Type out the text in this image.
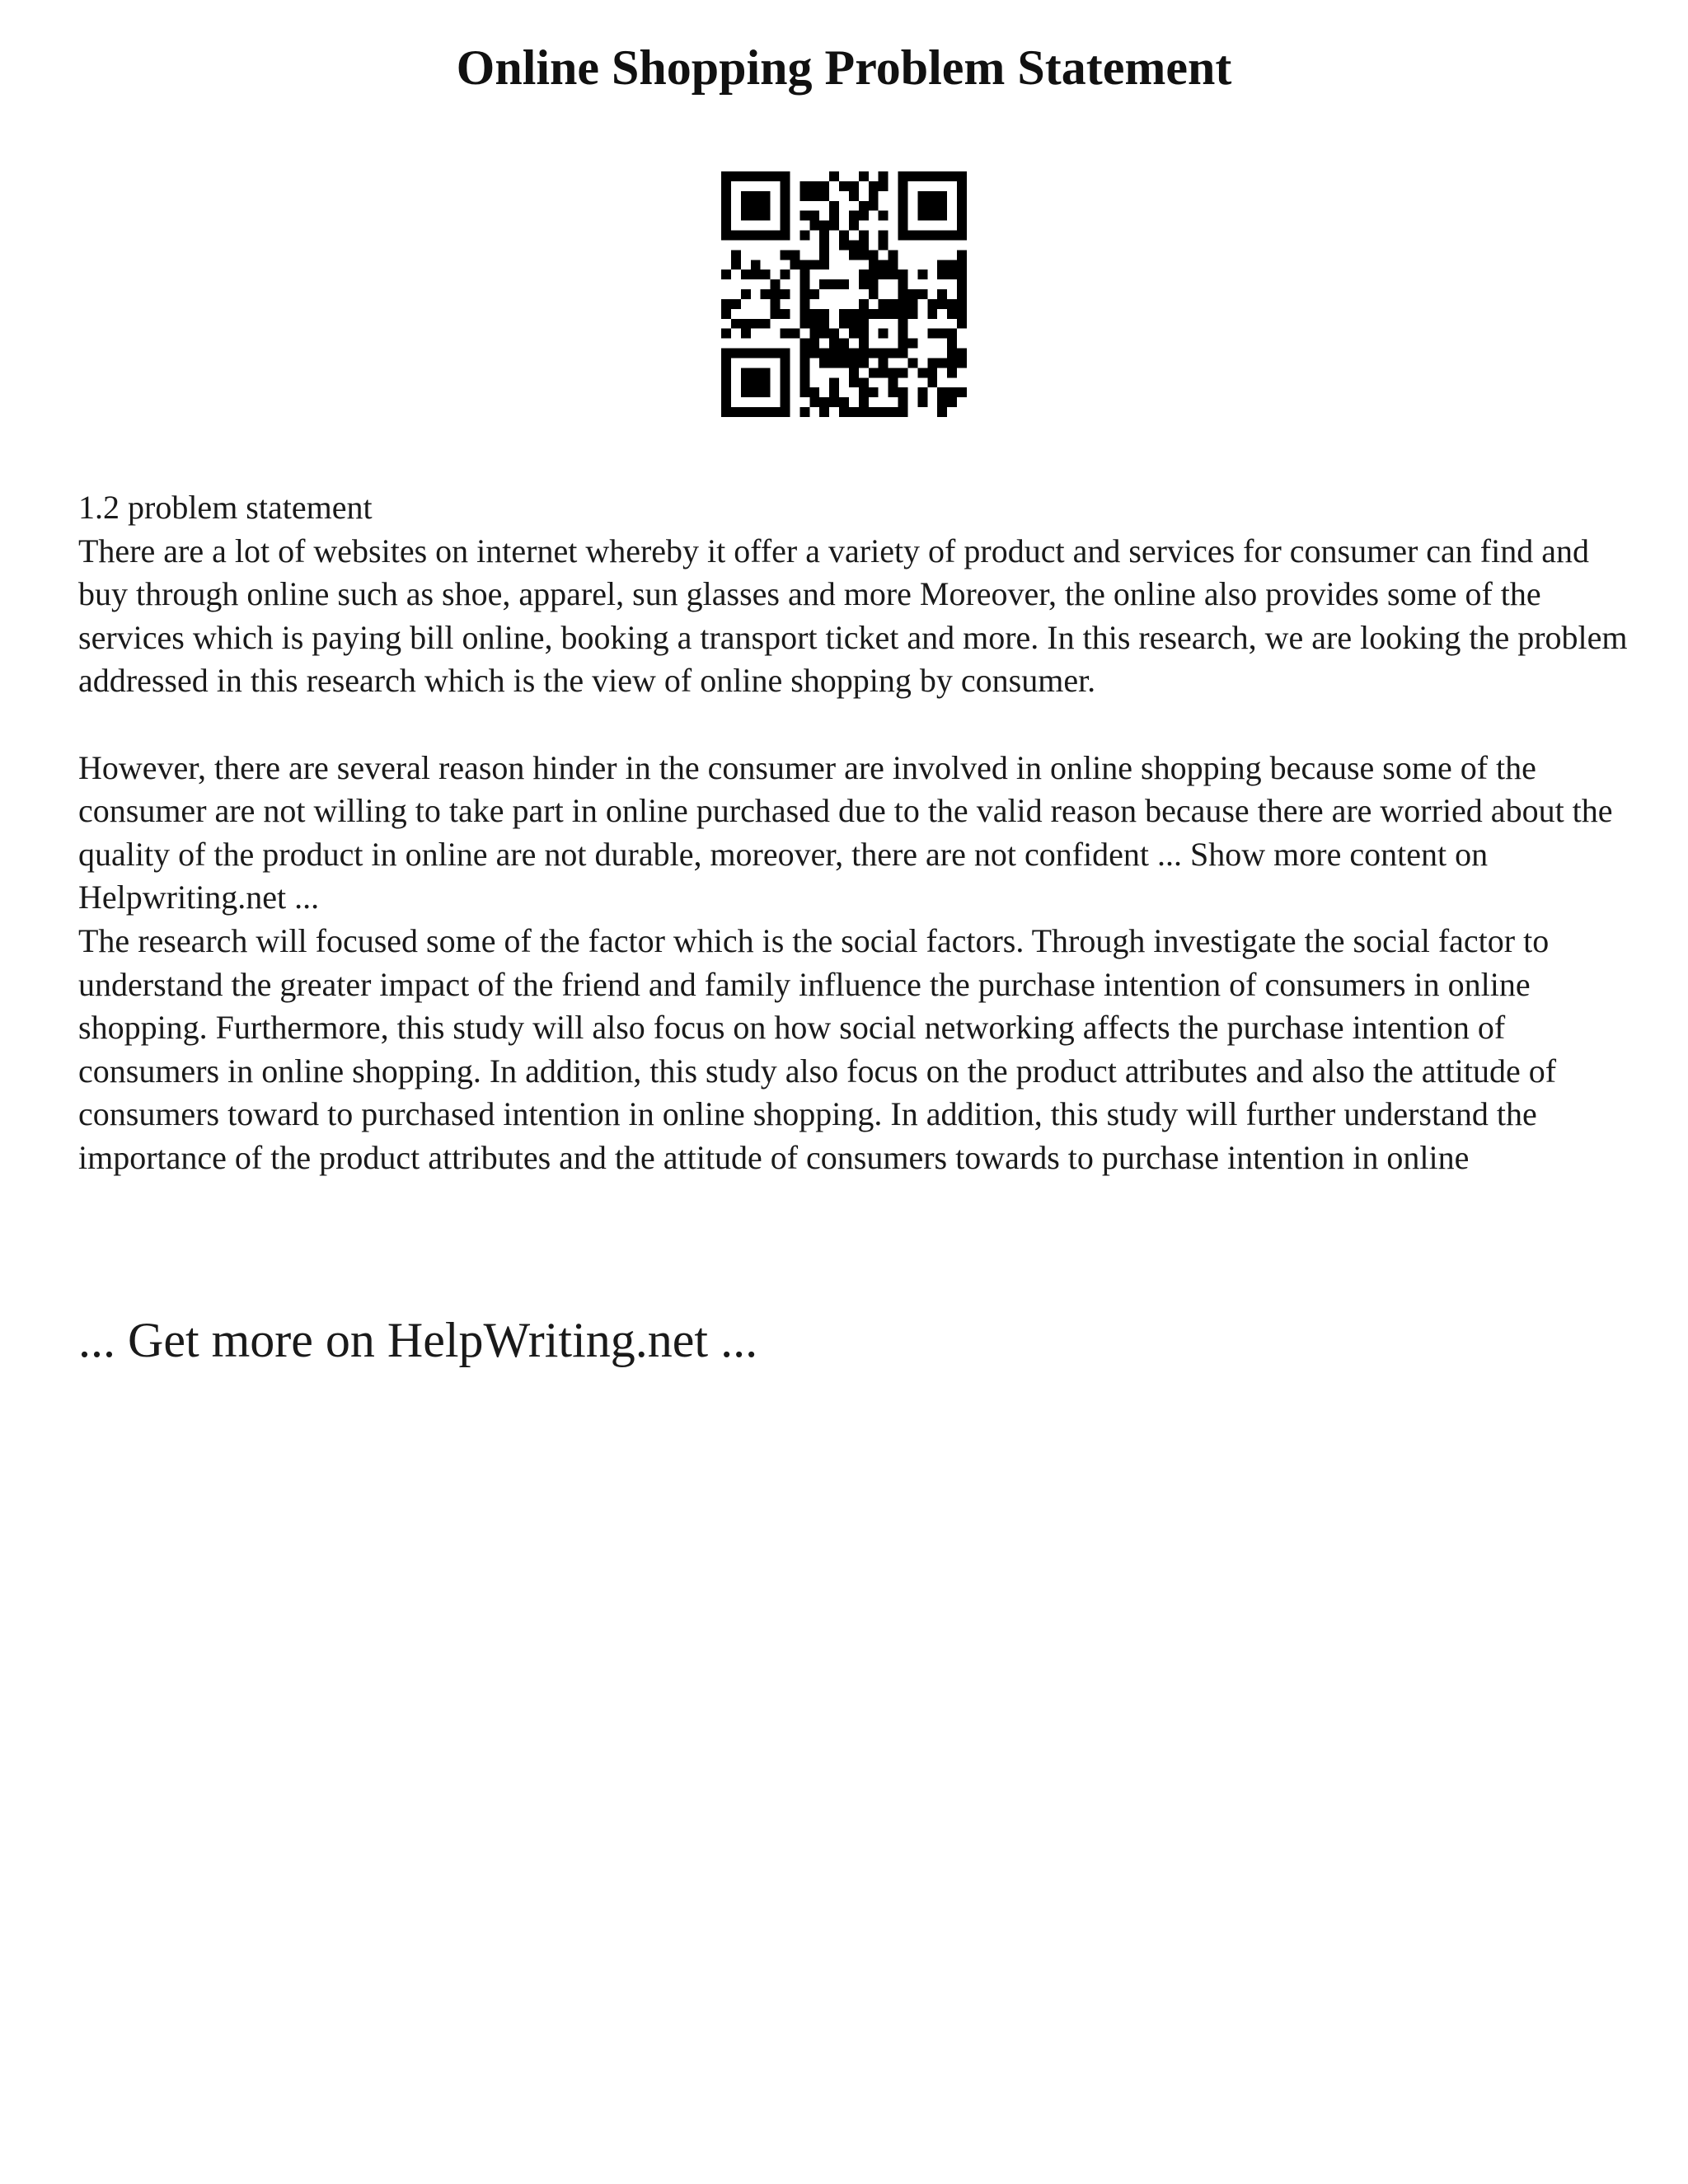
Online Shopping Problem Statement

1.2 problem statement

There are a lot of websites on internet whereby it offer a variety of product and services for consumer can find and buy through online such as shoe, apparel, sun glasses and more Moreover, the online also provides some of the services which is paying bill online, booking a transport ticket and more. In this research, we are looking the problem addressed in this research which is the view of online shopping by consumer.

However, there are several reason hinder in the consumer are involved in online shopping because some of the consumer are not willing to take part in online purchased due to the valid reason because there are worried about the quality of the product in online are not durable, moreover, there are not confident ... Show more content on Helpwriting.net ...

The research will focused some of the factor which is the social factors. Through investigate the social factor to understand the greater impact of the friend and family influence the purchase intention of consumers in online shopping. Furthermore, this study will also focus on how social networking affects the purchase intention of consumers in online shopping. In addition, this study also focus on the product attributes and also the attitude of consumers toward to purchased intention in online shopping. In addition, this study will further understand the importance of the product attributes and the attitude of consumers towards to purchase intention in online

... Get more on HelpWriting.net ...
